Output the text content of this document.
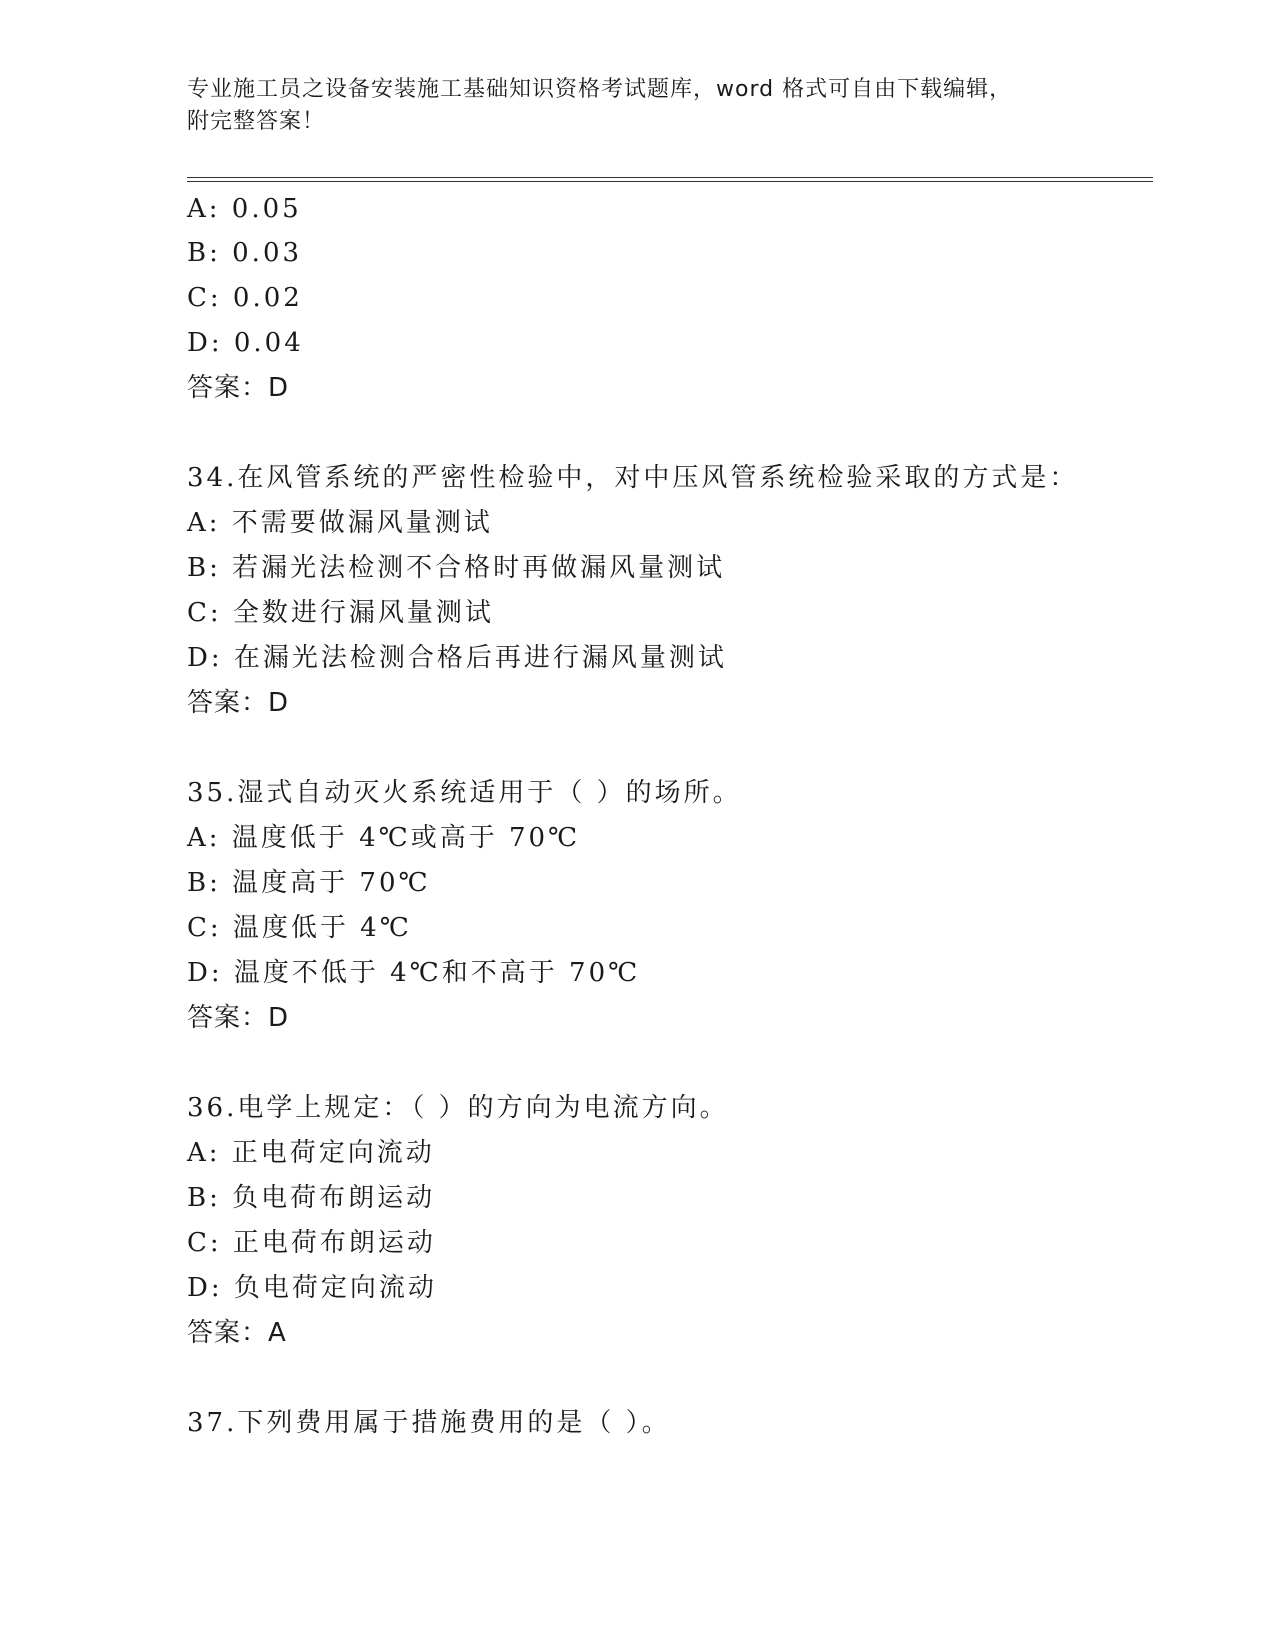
专业施工员之设备安装施工基础知识资格考试题库，word 格式可自由下载编辑，
附完整答案！
A: 0.05
B: 0.03
C: 0.02
D: 0.04
答案：D
34.在风管系统的严密性检验中，对中压风管系统检验采取的方式是：
A: 不需要做漏风量测试
B: 若漏光法检测不合格时再做漏风量测试
C: 全数进行漏风量测试
D: 在漏光法检测合格后再进行漏风量测试
答案：D
35.湿式自动灭火系统适用于（ ）的场所。
A: 温度低于 4℃或高于 70℃
B: 温度高于 70℃
C: 温度低于 4℃
D: 温度不低于 4℃和不高于 70℃
答案：D
36.电学上规定：（ ）的方向为电流方向。
A: 正电荷定向流动
B: 负电荷布朗运动
C: 正电荷布朗运动
D: 负电荷定向流动
答案：A
37.下列费用属于措施费用的是（ ）。
